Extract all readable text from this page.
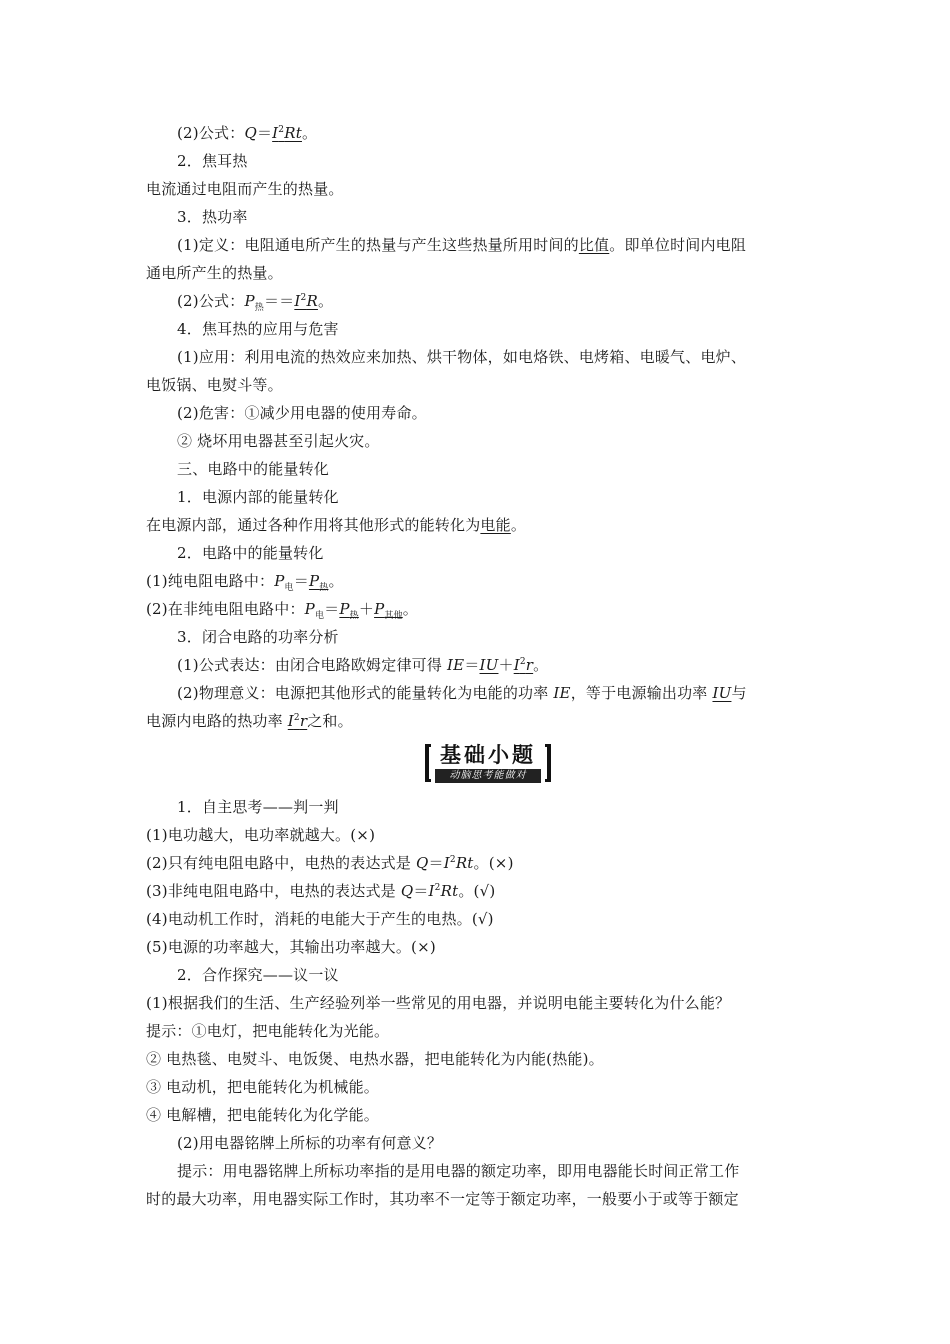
(2)公式：$Q=I^2Rt$。
2．焦耳热
电流通过电阻而产生的热量。
3．热功率
(1)定义：电阻通电所产生的热量与产生这些热量所用时间的比值。即单位时间内电阻
通电所产生的热量。
(2)公式：$P_热==I^2R$。
4．焦耳热的应用与危害
(1)应用：利用电流的热效应来加热、烘干物体，如电烙铁、电烤箱、电暖气、电炉、
电饭锅、电熨斗等。
(2)危害：①减少用电器的使用寿命。
② 烧坏用电器甚至引起火灾。
三、电路中的能量转化
1．电源内部的能量转化
在电源内部，通过各种作用将其他形式的能转化为电能。
2．电路中的能量转化
(1)纯电阻电路中：$P_电=P_热$。
(2)在非纯电阻电路中：$P_电=P_热+P_{其他}$。
3．闭合电路的功率分析
(1)公式表达：由闭合电路欧姆定律可得 $IE=IU+I^2r$。
(2)物理意义：电源把其他形式的能量转化为电能的功率 IE，等于电源输出功率 IU与
电源内电路的热功率 $I^2r$之和。
基础小题
动脑思考能做对
1．自主思考——判一判
(1)电功越大，电功率就越大。(×)
(2)只有纯电阻电路中，电热的表达式是 $Q=I^2Rt$。(×)
(3)非纯电阻电路中，电热的表达式是 $Q=I^2Rt$。(√)
(4)电动机工作时，消耗的电能大于产生的电热。(√)
(5)电源的功率越大，其输出功率越大。(×)
2．合作探究——议一议
(1)根据我们的生活、生产经验列举一些常见的用电器，并说明电能主要转化为什么能？
提示：①电灯，把电能转化为光能。
② 电热毯、电熨斗、电饭煲、电热水器，把电能转化为内能(热能)。
③ 电动机，把电能转化为机械能。
④ 电解槽，把电能转化为化学能。
(2)用电器铭牌上所标的功率有何意义？
提示：用电器铭牌上所标功率指的是用电器的额定功率，即用电器能长时间正常工作
时的最大功率，用电器实际工作时，其功率不一定等于额定功率，一般要小于或等于额定
